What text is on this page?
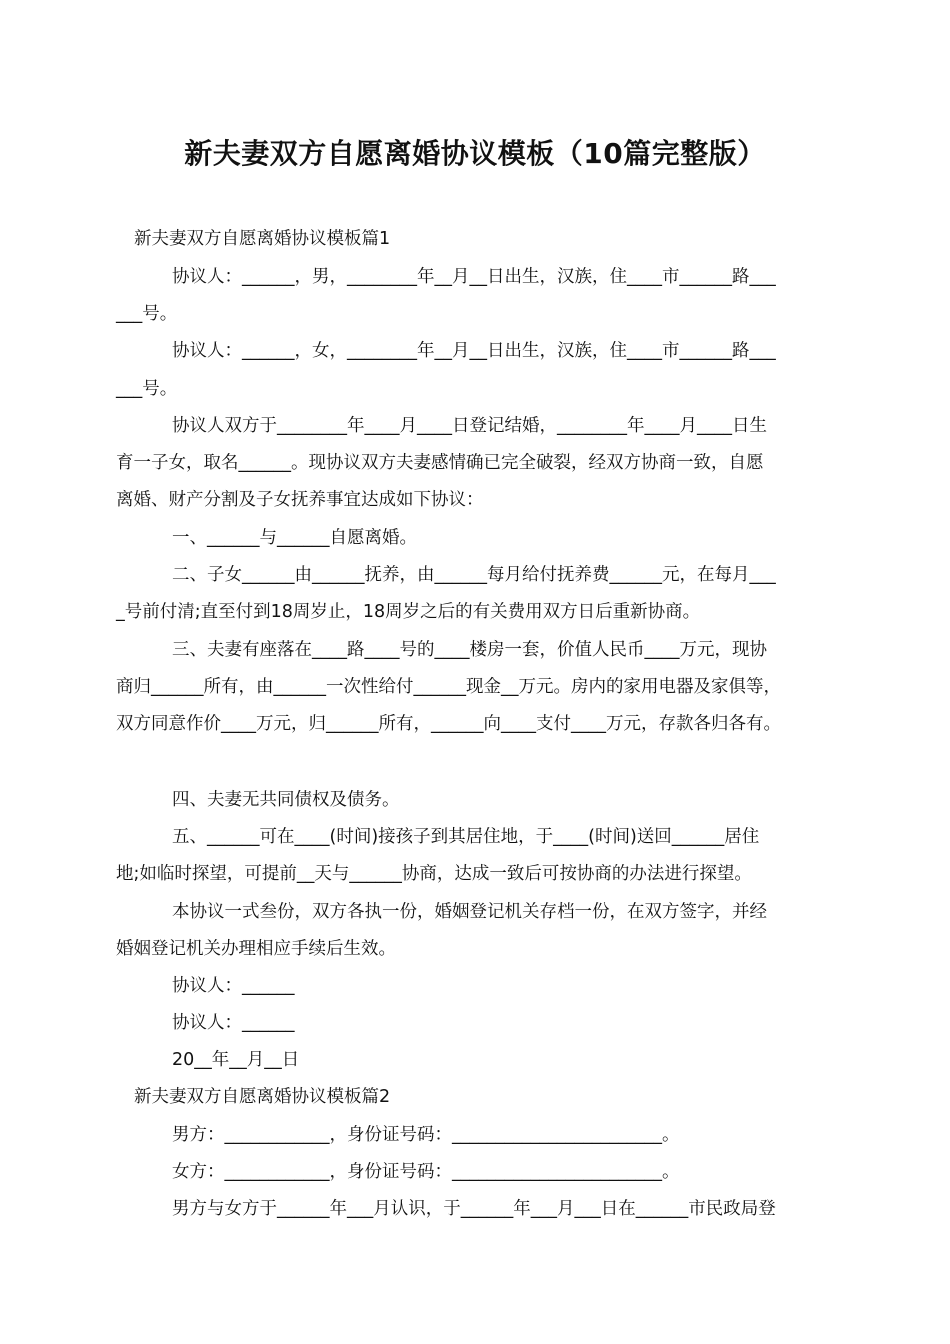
新夫妻双方自愿离婚协议模板（10篇完整版）
新夫妻双方自愿离婚协议模板篇1
协议人：______，男，________年__月__日出生，汉族，住____市______路___
___号。
协议人：______，女，________年__月__日出生，汉族，住____市______路___
___号。
协议人双方于________年____月____日登记结婚，________年____月____日生
育一子女，取名______。现协议双方夫妻感情确已完全破裂，经双方协商一致，自愿
离婚、财产分割及子女抚养事宜达成如下协议：
一、______与______自愿离婚。
二、子女______由______抚养，由______每月给付抚养费______元，在每月___
_号前付清;直至付到18周岁止，18周岁之后的有关费用双方日后重新协商。
三、夫妻有座落在____路____号的____楼房一套，价值人民币____万元，现协
商归______所有，由______一次性给付______现金__万元。房内的家用电器及家俱等，
双方同意作价____万元，归______所有，______向____支付____万元，存款各归各有。
四、夫妻无共同债权及债务。
五、______可在____(时间)接孩子到其居住地，于____(时间)送回______居住
地;如临时探望，可提前__天与______协商，达成一致后可按协商的办法进行探望。
本协议一式叁份，双方各执一份，婚姻登记机关存档一份，在双方签字，并经
婚姻登记机关办理相应手续后生效。
协议人：______
协议人：______
20__年__月__日
新夫妻双方自愿离婚协议模板篇2
男方：____________，身份证号码：________________________。
女方：____________，身份证号码：________________________。
男方与女方于______年___月认识，于______年___月___日在______市民政局登
